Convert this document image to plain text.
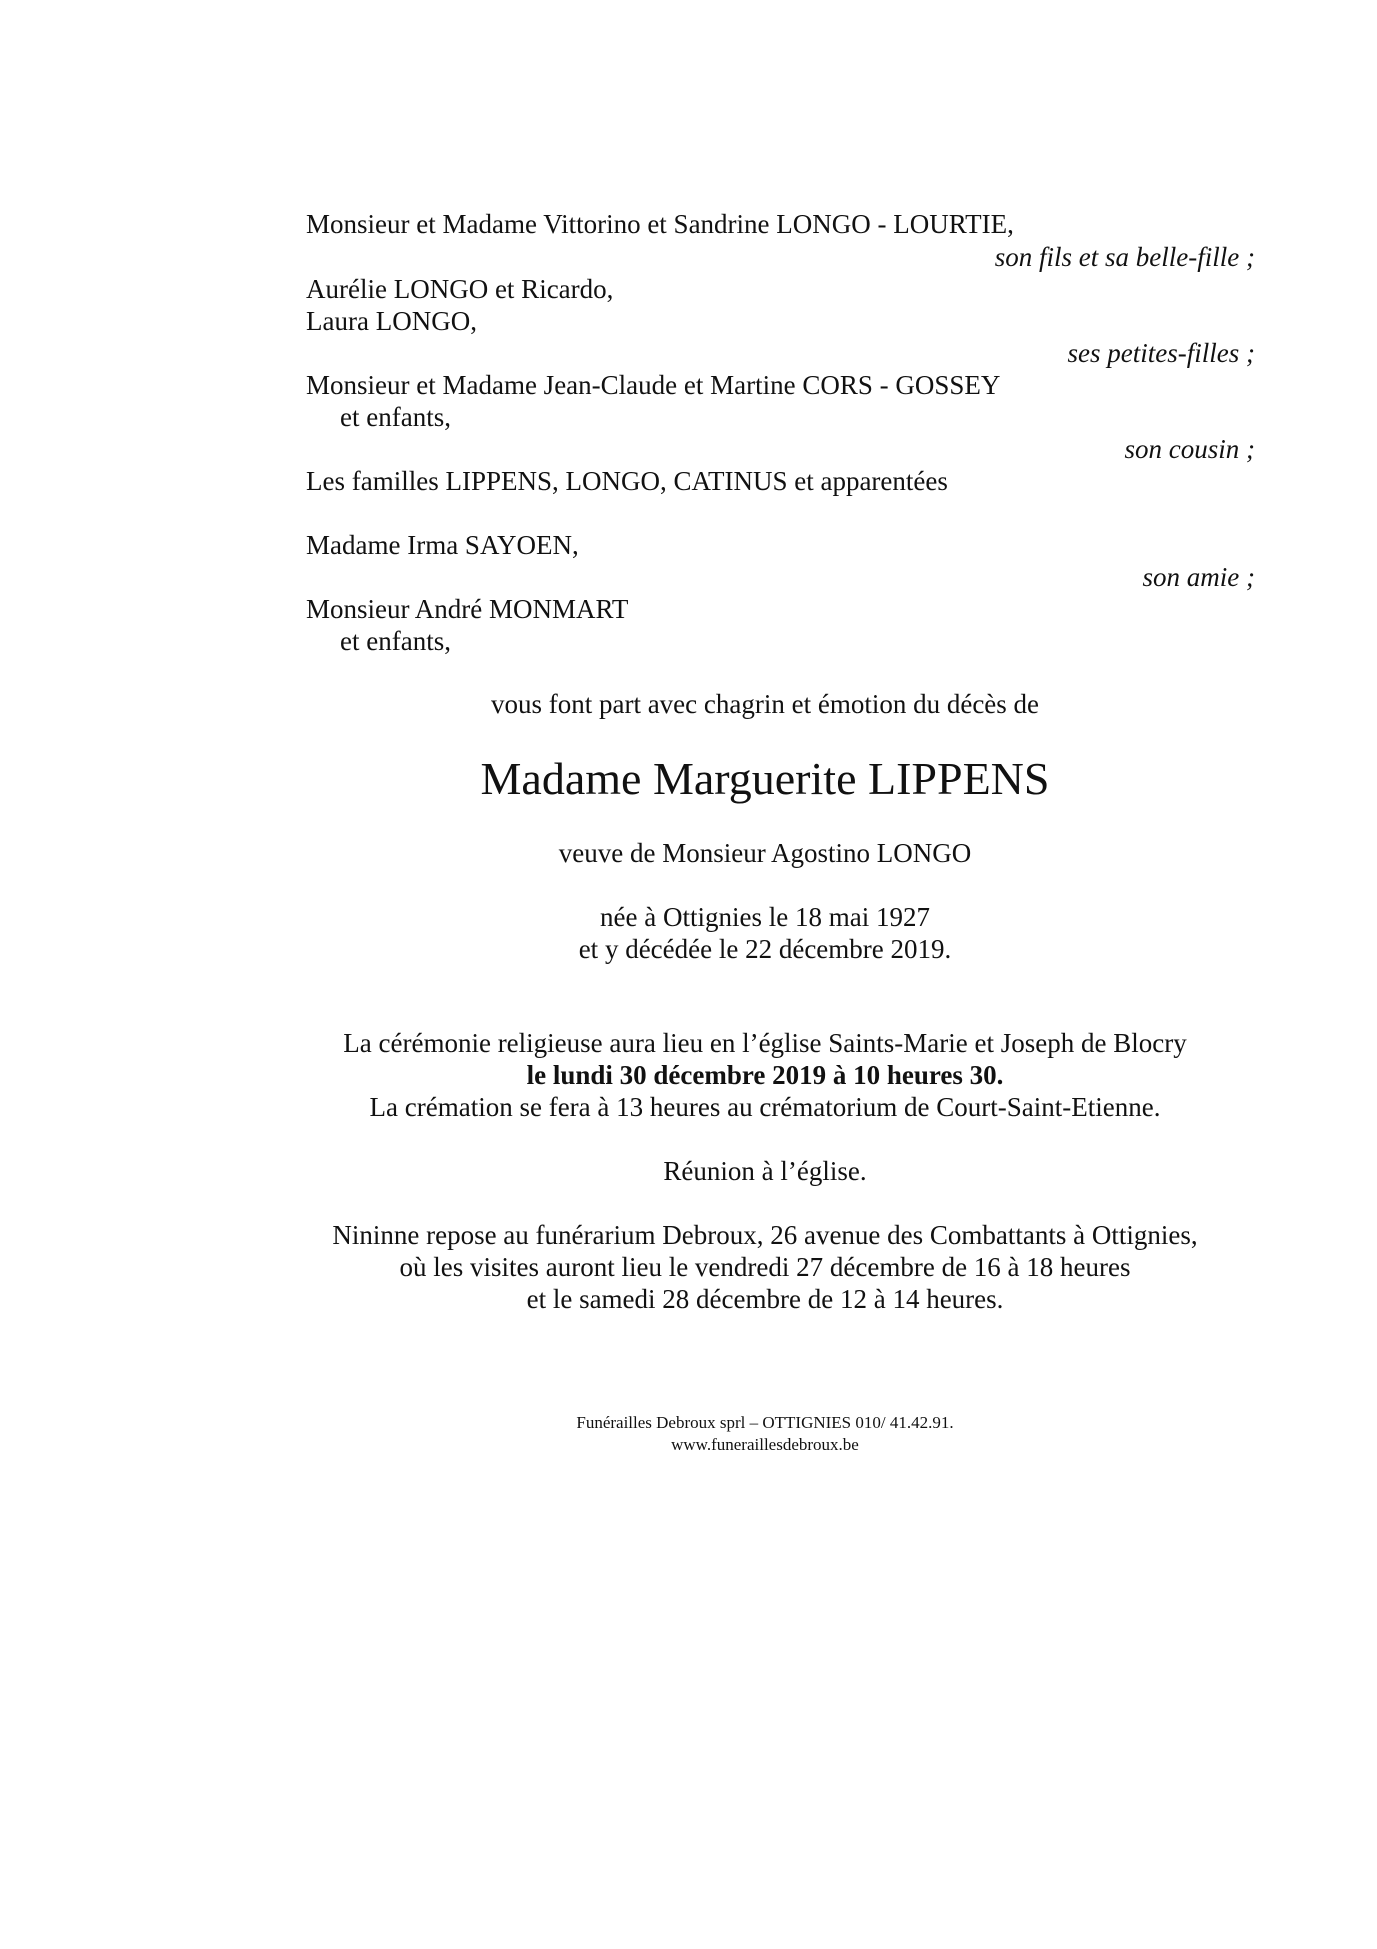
Monsieur et Madame Vittorino et Sandrine LONGO - LOURTIE,
son fils et sa belle-fille ;
Aurélie LONGO et Ricardo,
Laura LONGO,
ses petites-filles ;
Monsieur et Madame Jean-Claude et Martine CORS - GOSSEY
et enfants,
son cousin ;
Les familles LIPPENS, LONGO, CATINUS et apparentées
Madame Irma SAYOEN,
son amie ;
Monsieur André MONMART
et enfants,
vous font part avec chagrin et émotion du décès de
Madame Marguerite LIPPENS
veuve de Monsieur Agostino LONGO
née à Ottignies le 18 mai 1927
et y décédée le 22 décembre 2019.
La cérémonie religieuse aura lieu en l’église Saints-Marie et Joseph de Blocry
le lundi 30 décembre 2019 à 10 heures 30.
La crémation se fera à 13 heures au crématorium de Court-Saint-Etienne.
Réunion à l’église.
Nininne repose au funérarium Debroux, 26 avenue des Combattants à Ottignies,
où les visites auront lieu le vendredi 27 décembre de 16 à 18 heures
et le samedi 28 décembre de 12 à 14 heures.
Funérailles Debroux sprl – OTTIGNIES 010/ 41.42.91.
www.funeraillesdebroux.be
